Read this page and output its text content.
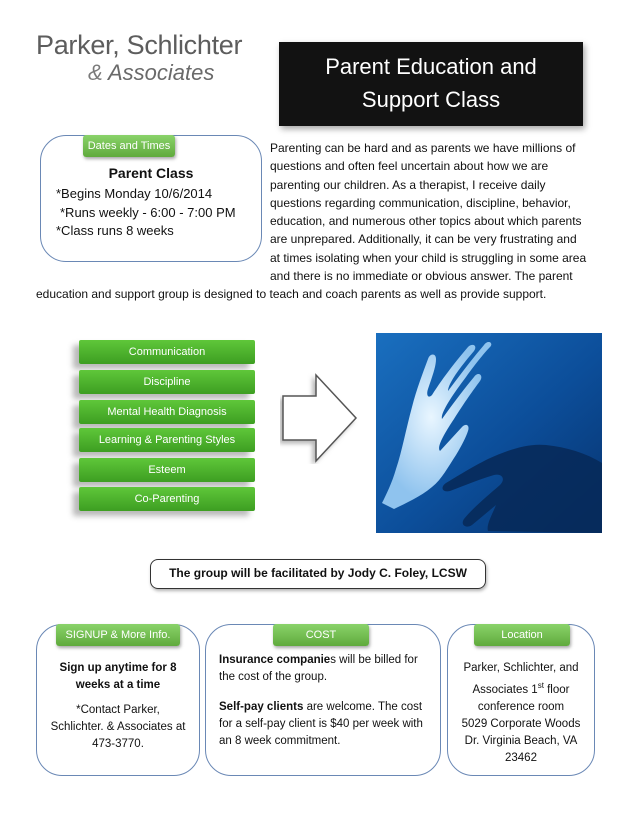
Parker, Schlichter
& Associates	Parent Education and
Support Class
Dates and Times
Parent Class
*Begins Monday 10/6/2014
*Runs weekly - 6:00 - 7:00 PM
*Class runs 8 weeks
Parenting can be hard and as parents we have millions of
questions and often feel uncertain about how we are
parenting our children. As a therapist, I receive daily
questions regarding communication, discipline, behavior,
education, and numerous other topics about which parents
are unprepared. Additionally, it can be very frustrating and
at times isolating when your child is struggling in some area
and there is no immediate or obvious answer. The parent
education and support group is designed to teach and coach parents as well as provide support.
Communication
Discipline
Mental Health Diagnosis
Learning & Parenting Styles
Esteem
Co-Parenting
The group will be facilitated by Jody C. Foley, LCSW
SIGNUP & More Info.
Sign up anytime for 8
weeks at a time
*Contact Parker,
Schlichter. & Associates at
473-3770.
COST
Insurance companies will be billed for
the cost of the group.
Self-pay clients are welcome. The cost
for a self-pay client is $40 per week with
an 8 week commitment.
Location
Parker, Schlichter, and
Associates 1st floor
conference room
5029 Corporate Woods
Dr. Virginia Beach, VA
23462
